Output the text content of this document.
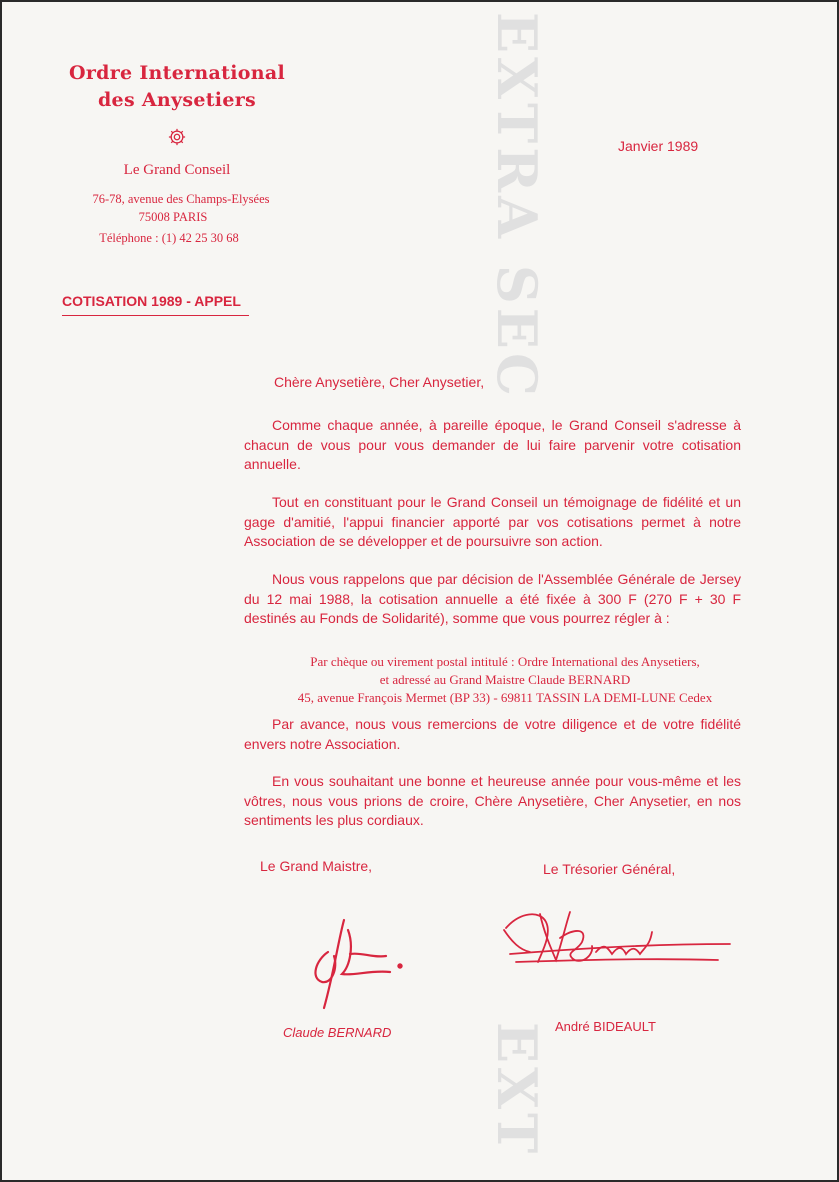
EXTRA SEC
EXT
Ordre International
des Anysetiers
Le Grand Conseil
76-78, avenue des Champs-Elysées
75008 PARIS
Téléphone : (1) 42 25 30 68
Janvier 1989
COTISATION 1989 - APPEL
Chère Anysetière, Cher Anysetier,

Comme chaque année, à pareille époque, le Grand Conseil s'adresse à chacun de vous pour vous demander de lui faire parvenir votre cotisation annuelle.

Tout en constituant pour le Grand Conseil un témoignage de fidélité et un gage d'amitié, l'appui financier apporté par vos cotisations permet à notre Association de se développer et de poursuivre son action.

Nous vous rappelons que par décision de l'Assemblée Générale de Jersey du 12 mai 1988, la cotisation annuelle a été fixée à 300 F (270 F + 30 F destinés au Fonds de Solidarité), somme que vous pourrez régler à :

Par chèque ou virement postal intitulé : Ordre International des Anysetiers,
et adressé au Grand Maistre Claude BERNARD
45, avenue François Mermet (BP 33) - 69811 TASSIN LA DEMI-LUNE Cedex

Par avance, nous vous remercions de votre diligence et de votre fidélité envers notre Association.

En vous souhaitant une bonne et heureuse année pour vous-même et les vôtres, nous vous prions de croire, Chère Anysetière, Cher Anysetier, en nos sentiments les plus cordiaux.

Le Grand Maistre,	Le Trésorier Général,
Claude BERNARD	André BIDEAULT
